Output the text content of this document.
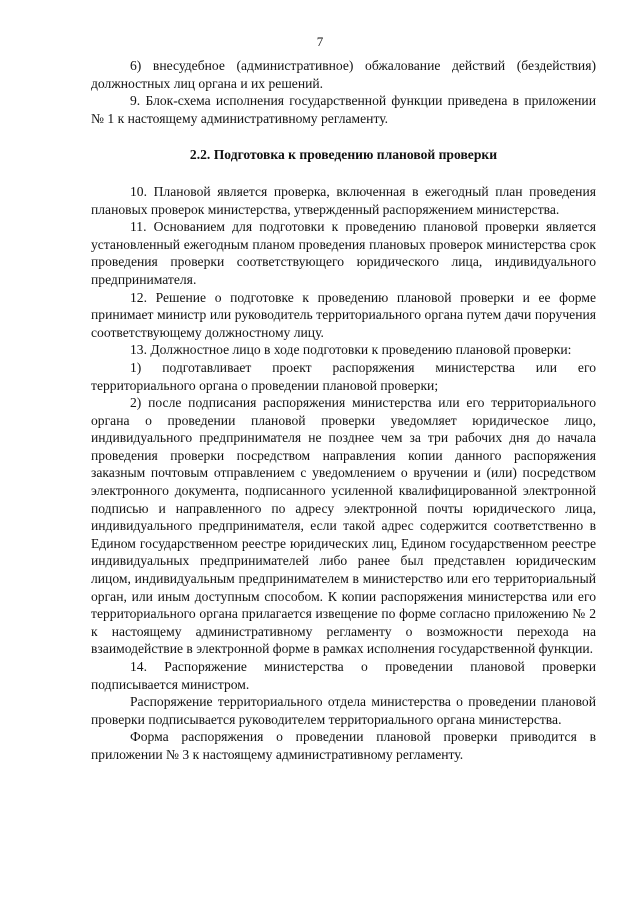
7

6) внесудебное (административное) обжалование действий (бездействия) должностных лиц органа и их решений.

9. Блок-схема исполнения государственной функции приведена в приложении № 1 к настоящему административному регламенту.

2.2. Подготовка к проведению плановой проверки

10. Плановой является проверка, включенная в ежегодный план проведения плановых проверок министерства, утвержденный распоряжением министерства.

11. Основанием для подготовки к проведению плановой проверки является установленный ежегодным планом проведения плановых проверок министерства срок проведения проверки соответствующего юридического лица, индивидуального предпринимателя.

12. Решение о подготовке к проведению плановой проверки и ее форме принимает министр или руководитель территориального органа путем дачи поручения соответствующему должностному лицу.

13. Должностное лицо в ходе подготовки к проведению плановой проверки:

1) подготавливает проект распоряжения министерства или его территориального органа о проведении плановой проверки;

2) после подписания распоряжения министерства или его территориального органа о проведении плановой проверки уведомляет юридическое лицо, индивидуального предпринимателя не позднее чем за три рабочих дня до начала проведения проверки посредством направления копии данного распоряжения заказным почтовым отправлением с уведомлением о вручении и (или) посредством электронного документа, подписанного усиленной квалифицированной электронной подписью и направленного по адресу электронной почты юридического лица, индивидуального предпринимателя, если такой адрес содержится соответственно в Едином государственном реестре юридических лиц, Едином государственном реестре индивидуальных предпринимателей либо ранее был представлен юридическим лицом, индивидуальным предпринимателем в министерство или его территориальный орган, или иным доступным способом. К копии распоряжения министерства или его территориального органа прилагается извещение по форме согласно приложению № 2 к настоящему административному регламенту о возможности перехода на взаимодействие в электронной форме в рамках исполнения государственной функции.

14. Распоряжение министерства о проведении плановой проверки подписывается министром.

Распоряжение территориального отдела министерства о проведении плановой проверки подписывается руководителем территориального органа министерства.

Форма распоряжения о проведении плановой проверки приводится в приложении № 3 к настоящему административному регламенту.
